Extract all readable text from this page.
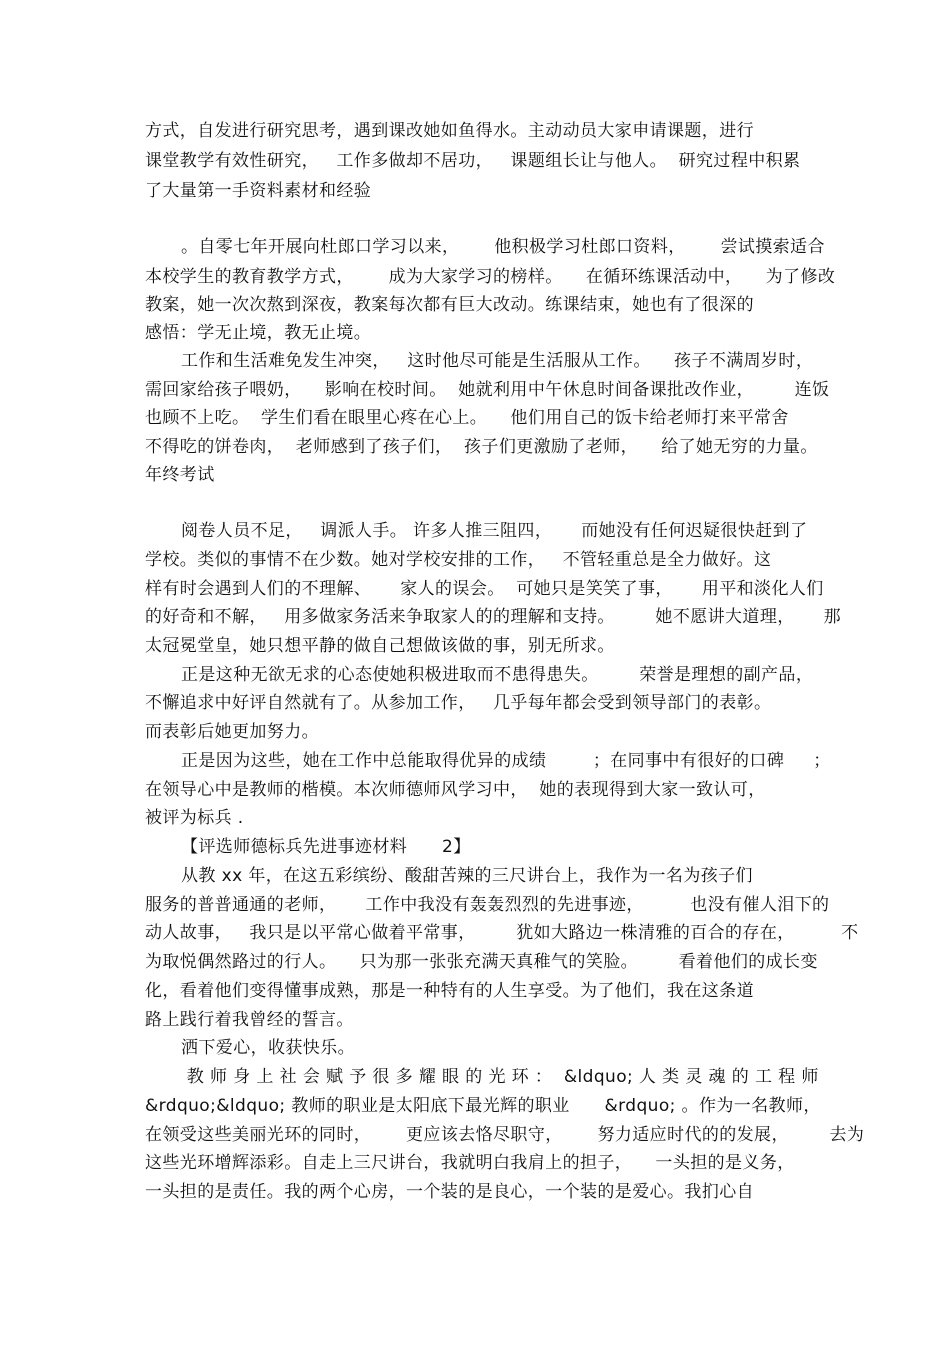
方式，自发进行研究思考，遇到课改她如鱼得水。主动动员大家申请课题，进行
课堂教学有效性研究，   工作多做却不居功，   课题组长让与他人。  研究过程中积累
了大量第一手资料素材和经验
。自零七年开展向杜郎口学习以来，      他积极学习杜郎口资料，      尝试摸索适合
本校学生的教育教学方式，      成为大家学习的榜样。    在循环练课活动中，    为了修改
教案，她一次次熬到深夜，教案每次都有巨大改动。练课结束，她也有了很深的
感悟：学无止境，教无止境。
工作和生活难免发生冲突，   这时他尽可能是生活服从工作。    孩子不满周岁时，
需回家给孩子喂奶，    影响在校时间。  她就利用中午休息时间备课批改作业，       连饭
也顾不上吃。  学生们看在眼里心疼在心上。    他们用自己的饭卡给老师打来平常舍
不得吃的饼卷肉，  老师感到了孩子们，  孩子们更激励了老师，    给了她无穷的力量。
年终考试
阅卷人员不足，   调派人手。 许多人推三阻四，     而她没有任何迟疑很快赶到了
学校。类似的事情不在少数。她对学校安排的工作，   不管轻重总是全力做好。这
样有时会遇到人们的不理解、     家人的误会。  可她只是笑笑了事，     用平和淡化人们
的好奇和不解，   用多做家务活来争取家人的的理解和支持。       她不愿讲大道理，     那
太冠冕堂皇，她只想平静的做自己想做该做的事，别无所求。
正是这种无欲无求的心态使她积极进取而不患得患失。       荣誉是理想的副产品，
不懈追求中好评自然就有了。从参加工作，   几乎每年都会受到领导部门的表彰。
而表彰后她更加努力。
正是因为这些，她在工作中总能取得优异的成绩        ；在同事中有很好的口碑     ；
在领导心中是教师的楷模。本次师德师风学习中，  她的表现得到大家一致认可，
被评为标兵 .
【评选师德标兵先进事迹材料      2】
从教 xx 年，在这五彩缤纷、酸甜苦辣的三尺讲台上，我作为一名为孩子们
服务的普普通通的老师，     工作中我没有轰轰烈烈的先进事迹，        也没有催人泪下的
动人故事，   我只是以平常心做着平常事，       犹如大路边一株清雅的百合的存在，        不
为取悦偶然路过的行人。    只为那一张张充满天真稚气的笑脸。       看着他们的成长变
化，看着他们变得懂事成熟，那是一种特有的人生享受。为了他们，我在这条道
路上践行着我曾经的誓言。
洒下爱心，收获快乐。
教 师 身 上 社 会 赋 予 很 多 耀 眼 的 光 环 ：  &ldquo; 人 类 灵 魂 的 工 程 师
&rdquo;&ldquo; 教师的职业是太阳底下最光辉的职业      &rdquo; 。作为一名教师，
在领受这些美丽光环的同时，      更应该去恪尽职守，      努力适应时代的的发展，       去为
这些光环增辉添彩。自走上三尺讲台，我就明白我肩上的担子，    一头担的是义务，
一头担的是责任。我的两个心房，一个装的是良心，一个装的是爱心。我扪心自
